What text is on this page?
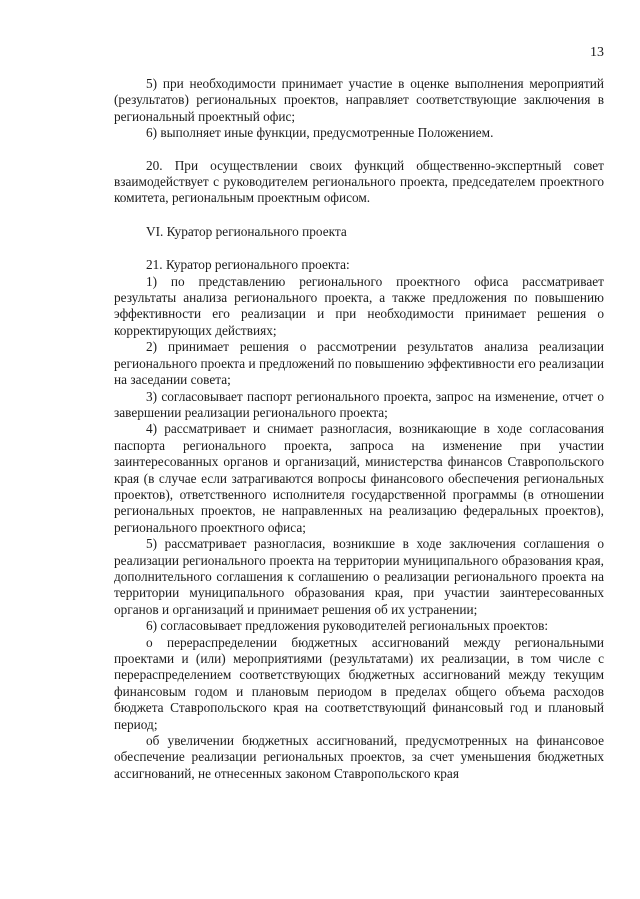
13

5) при необходимости принимает участие в оценке выполнения мероприятий (результатов) региональных проектов, направляет соответствующие заключения в региональный проектный офис;

6) выполняет иные функции, предусмотренные Положением.

20. При осуществлении своих функций общественно-экспертный совет взаимодействует с руководителем регионального проекта, председателем проектного комитета, региональным проектным офисом.

VI. Куратор регионального проекта

21. Куратор регионального проекта:

1) по представлению регионального проектного офиса рассматривает результаты анализа регионального проекта, а также предложения по повышению эффективности его реализации и при необходимости принимает решения о корректирующих действиях;

2) принимает решения о рассмотрении результатов анализа реализации регионального проекта и предложений по повышению эффективности его реализации на заседании совета;

3) согласовывает паспорт регионального проекта, запрос на изменение, отчет о завершении реализации регионального проекта;

4) рассматривает и снимает разногласия, возникающие в ходе согласования паспорта регионального проекта, запроса на изменение при участии заинтересованных органов и организаций, министерства финансов Ставропольского края (в случае если затрагиваются вопросы финансового обеспечения региональных проектов), ответственного исполнителя государственной программы (в отношении региональных проектов, не направленных на реализацию федеральных проектов), регионального проектного офиса;

5) рассматривает разногласия, возникшие в ходе заключения соглашения о реализации регионального проекта на территории муниципального образования края, дополнительного соглашения к соглашению о реализации регионального проекта на территории муниципального образования края, при участии заинтересованных органов и организаций и принимает решения об их устранении;

6) согласовывает предложения руководителей региональных проектов:

о перераспределении бюджетных ассигнований между региональными проектами и (или) мероприятиями (результатами) их реализации, в том числе с перераспределением соответствующих бюджетных ассигнований между текущим финансовым годом и плановым периодом в пределах общего объема расходов бюджета Ставропольского края на соответствующий финансовый год и плановый период;

об увеличении бюджетных ассигнований, предусмотренных на финансовое обеспечение реализации региональных проектов, за счет уменьшения бюджетных ассигнований, не отнесенных законом Ставропольского края
